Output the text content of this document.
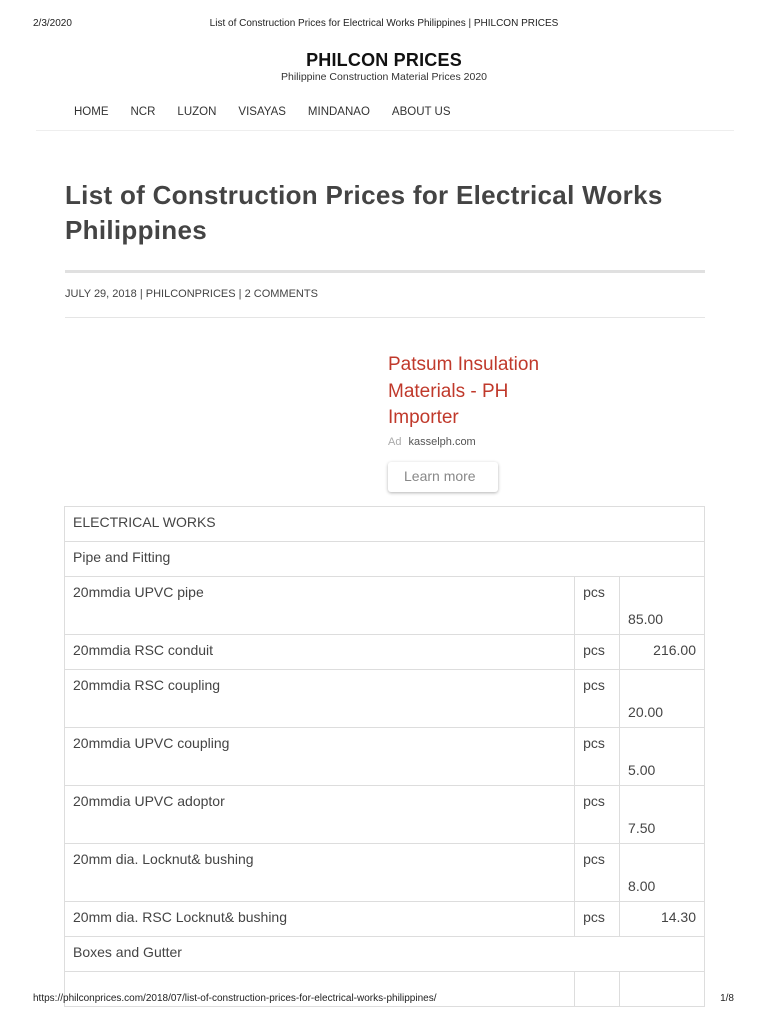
2/3/2020	List of Construction Prices for Electrical Works Philippines | PHILCON PRICES
PHILCON PRICES
Philippine Construction Material Prices 2020
HOME NCR LUZON VISAYAS MINDANAO ABOUT US
List of Construction Prices for Electrical Works
Philippines
JULY 29, 2018 | PHILCONPRICES | 2 COMMENTS
Patsum Insulation
Materials - PH
Importer
Ad kasselph.com
Learn more
ELECTRICAL WORKS		
Pipe and Fitting		
20mmdia UPVC pipe	pcs	85.00
20mmdia RSC conduit	pcs	216.00
20mmdia RSC coupling	pcs	20.00
20mmdia UPVC coupling	pcs	5.00
20mmdia UPVC adoptor	pcs	7.50
20mm dia. Locknut& bushing	pcs	8.00
20mm dia. RSC Locknut& bushing	pcs	14.30
Boxes and Gutter		

https://philconprices.com/2018/07/list-of-construction-prices-for-electrical-works-philippines/	1/8
